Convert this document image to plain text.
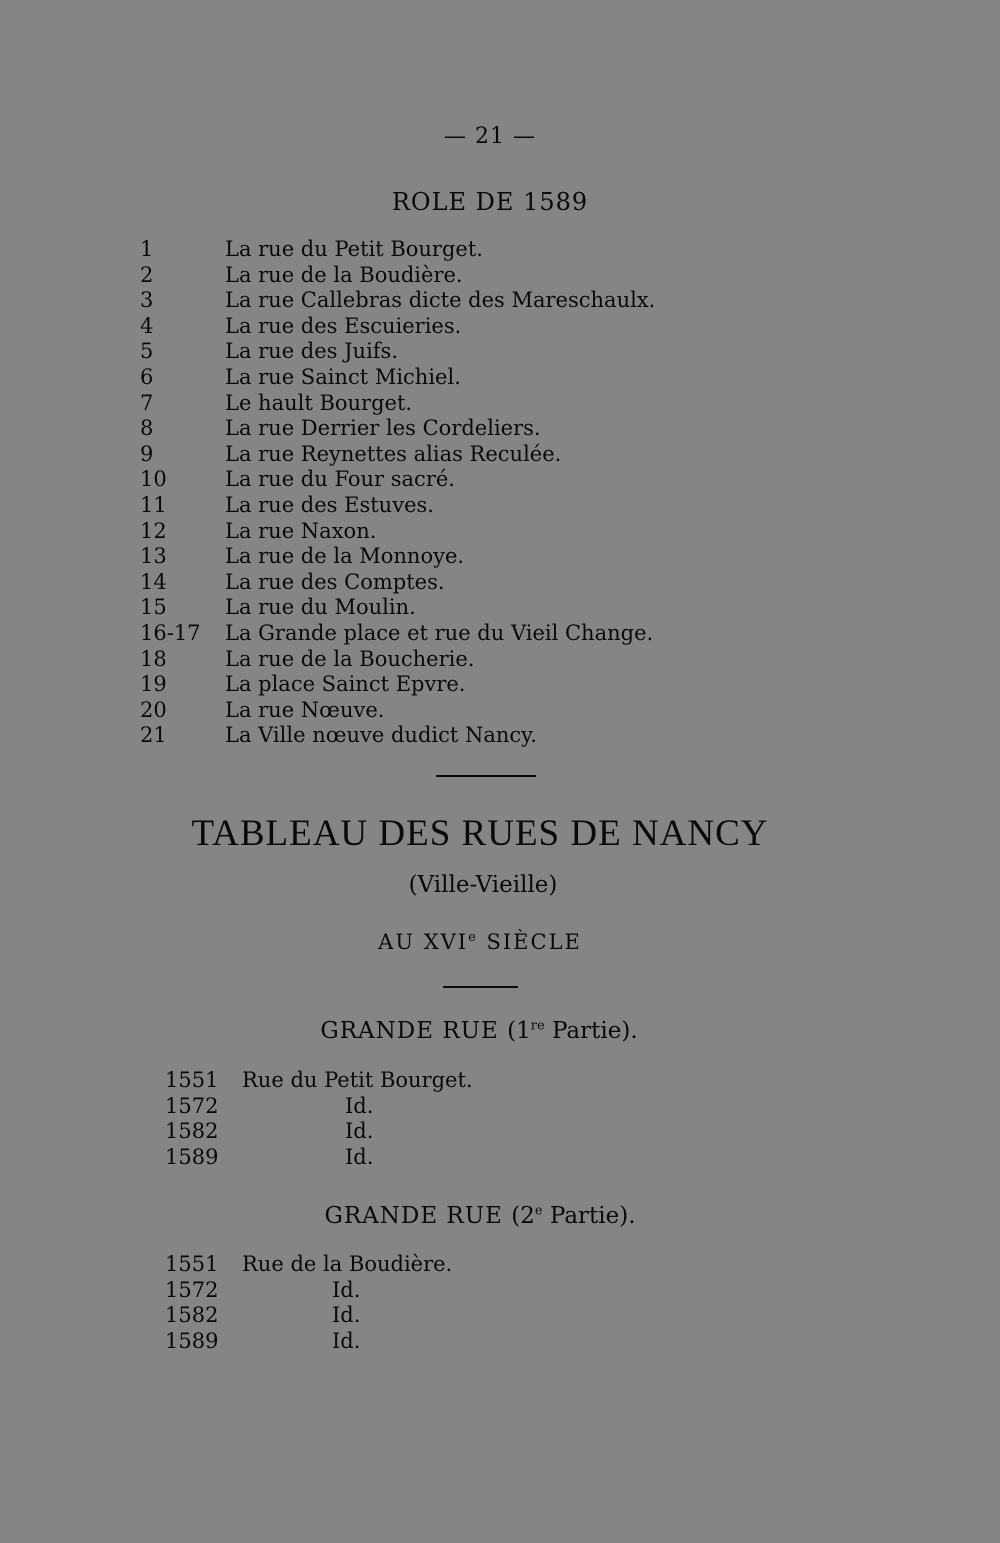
— 21 —
ROLE DE 1589
1	La rue du Petit Bourget.
2	La rue de la Boudière.
3	La rue Callebras dicte des Mareschaulx.
4	La rue des Escuieries.
5	La rue des Juifs.
6	La rue Sainct Michiel.
7	Le hault Bourget.
8	La rue Derrier les Cordeliers.
9	La rue Reynettes alias Reculée.
10	La rue du Four sacré.
11	La rue des Estuves.
12	La rue Naxon.
13	La rue de la Monnoye.
14	La rue des Comptes.
15	La rue du Moulin.
16-17	La Grande place et rue du Vieil Change.
18	La rue de la Boucherie.
19	La place Sainct Epvre.
20	La rue Nœuve.
21	La Ville nœuve dudict Nancy.
TABLEAU DES RUES DE NANCY
(Ville-Vieille)
AU XVIe SIÈCLE
GRANDE RUE (1re Partie).
1551 Rue du Petit Bourget.
1572	Id.
1582	Id.
1589	Id.
GRANDE RUE (2e Partie).
1551 Rue de la Boudière.
1572	Id.
1582	Id.
1589	Id.
